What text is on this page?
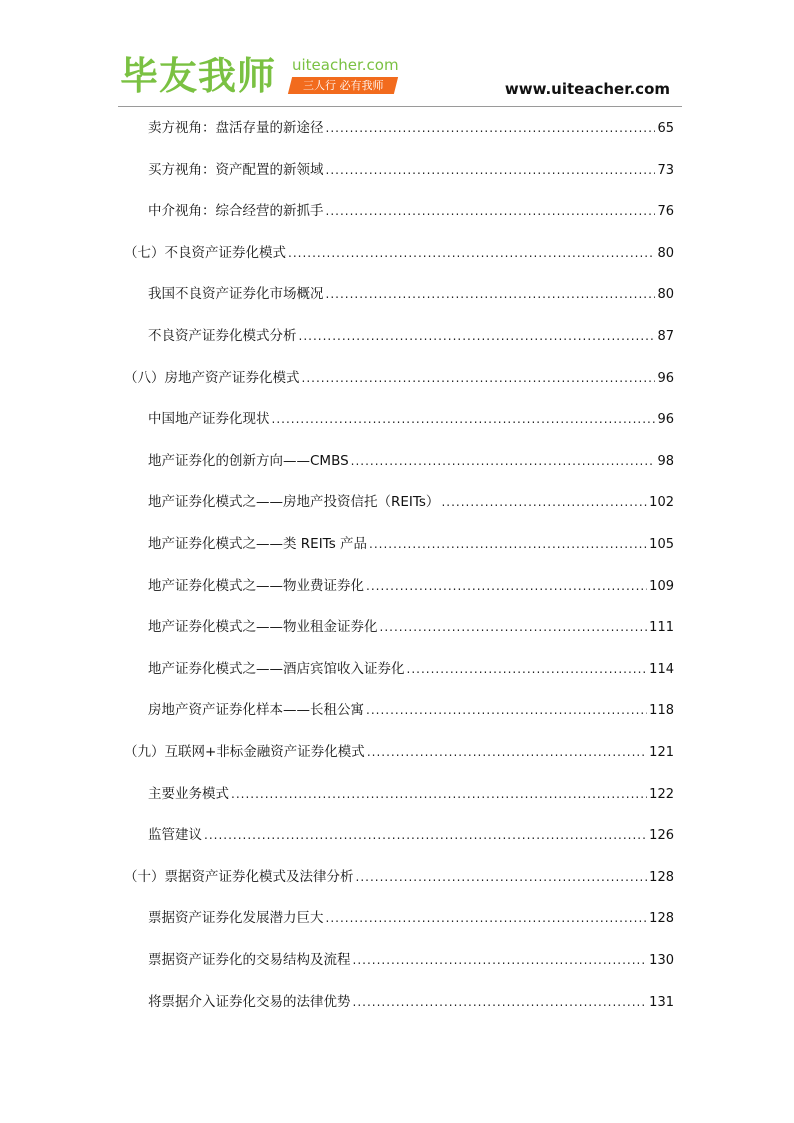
毕友我师 uiteacher.com
三人行 必有我师	www.uiteacher.com
卖方视角：盘活存量的新途径 .....	65
买方视角：资产配置的新领域 .....	73
中介视角：综合经营的新抓手 .....	76
（七）不良资产证券化模式 .....	80
我国不良资产证券化市场概况 .....	80
不良资产证券化模式分析 .....	87
（八）房地产资产证券化模式 .....	96
中国地产证券化现状 .....	96
地产证券化的创新方向——CMBS .....	98
地产证券化模式之——房地产投资信托（REITs） .....	102
地产证券化模式之——类 REITs 产品 .....	105
地产证券化模式之——物业费证券化 .....	109
地产证券化模式之——物业租金证券化 .....	111
地产证券化模式之——酒店宾馆收入证券化 .....	114
房地产资产证券化样本——长租公寓 .....	118
（九）互联网+非标金融资产证券化模式 .....	121
主要业务模式 .....	122
监管建议 .....	126
（十）票据资产证券化模式及法律分析 .....	128
票据资产证券化发展潜力巨大 .....	128
票据资产证券化的交易结构及流程 .....	130
将票据介入证券化交易的法律优势 .....	131
